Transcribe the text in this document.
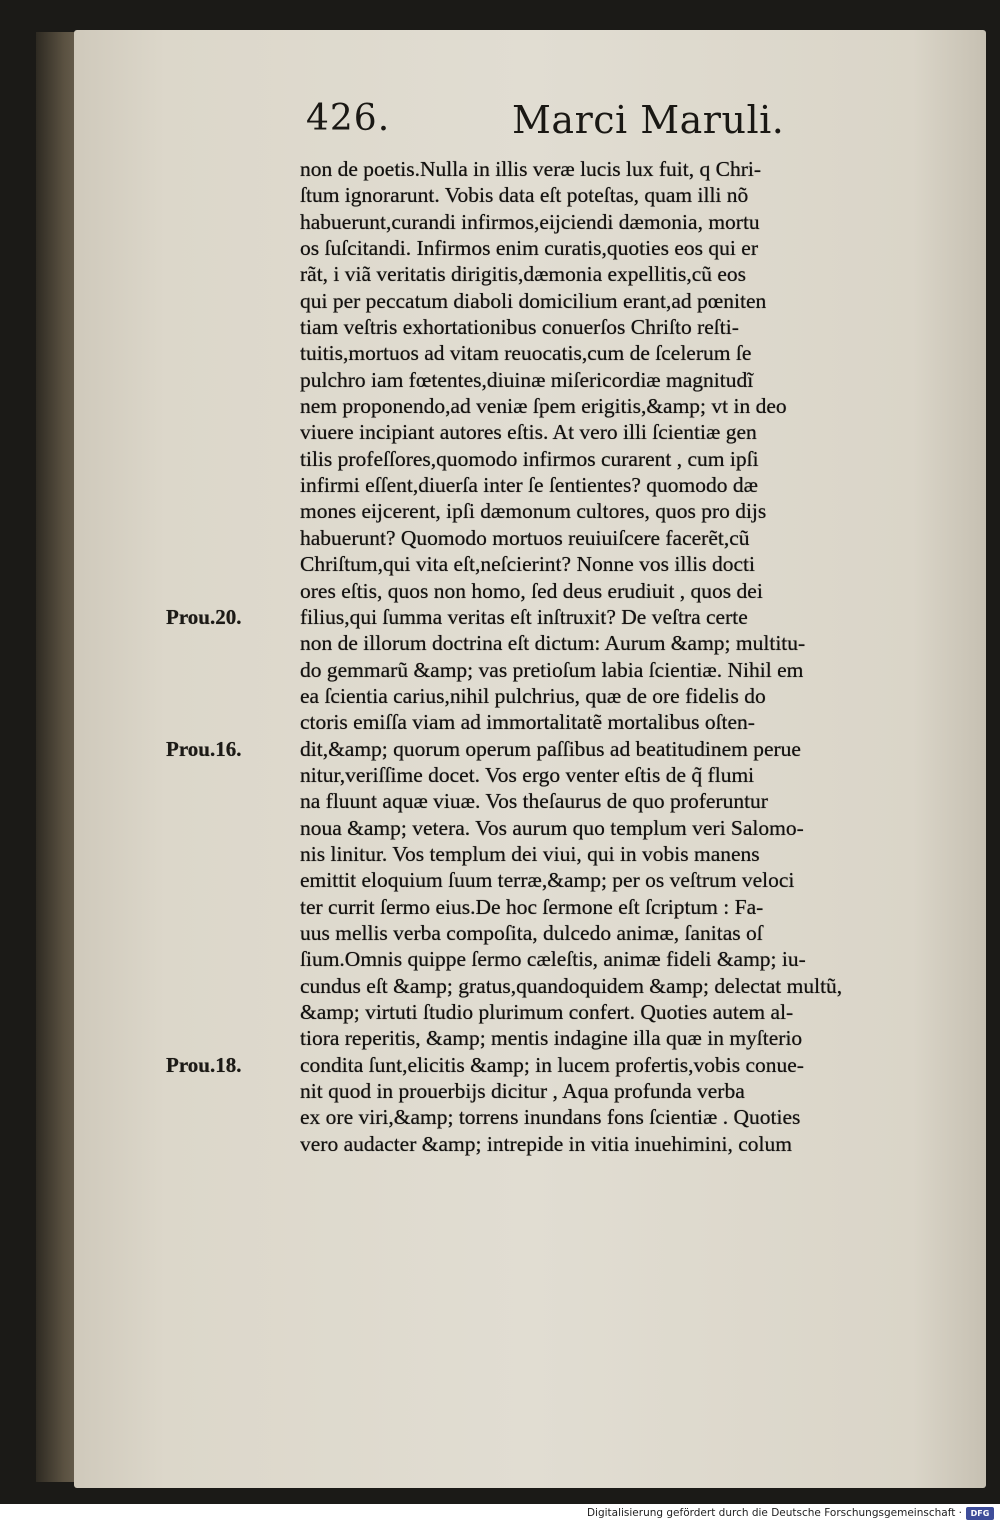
426.	Marci Maruli.
non de poetis.Nulla in illis veræ lucis lux fuit, q Chri-
ſtum ignorarunt. Vobis data eſt poteſtas, quam illi nõ
habuerunt,curandi infirmos,eĳciendi dæmonia, mortu
os ſuſcitandi. Infirmos enim curatis,quoties eos qui er
rãt, i viã veritatis dirigitis,dæmonia expellitis,cũ eos
qui per peccatum diaboli domicilium erant,ad pœniten
tiam veſtris exhortationibus conuerſos Chriſto reſti-
tuitis,mortuos ad vitam reuocatis,cum de ſcelerum ſe
pulchro iam fœtentes,diuinæ miſericordiæ magnitudĩ
nem proponendo,ad veniæ ſpem erigitis,&amp; vt in deo
viuere incipiant autores eſtis. At vero illi ſcientiæ gen
tilis profeſſores,quomodo infirmos curarent , cum ipſi
infirmi eſſent,diuerſa inter ſe ſentientes? quomodo dæ
mones eĳcerent, ipſi dæmonum cultores, quos pro dĳs
habuerunt? Quomodo mortuos reuiuiſcere facerẽt,cũ
Chriſtum,qui vita eſt,neſcierint? Nonne vos illis docti
ores eſtis, quos non homo, ſed deus erudiuit , quos dei
filius,qui ſumma veritas eſt inſtruxit? De veſtra certe
non de illorum doctrina eſt dictum: Aurum &amp; multitu-
do gemmarũ &amp; vas pretioſum labia ſcientiæ. Nihil em
ea ſcientia carius,nihil pulchrius, quæ de ore fidelis do
ctoris emiſſa viam ad immortalitatẽ mortalibus oſten-
dit,&amp; quorum operum paſſibus ad beatitudinem perue
nitur,veriſſime docet. Vos ergo venter eſtis de q̃ flumi
na fluunt aquæ viuæ. Vos theſaurus de quo proferuntur
noua &amp; vetera. Vos aurum quo templum veri Salomo-
nis linitur. Vos templum dei viui, qui in vobis manens
emittit eloquium ſuum terræ,&amp; per os veſtrum veloci
ter currit ſermo eius.De hoc ſermone eſt ſcriptum : Fa-
uus mellis verba compoſita, dulcedo animæ, ſanitas oſ
ſium.Omnis quippe ſermo cæleſtis, animæ fideli &amp; iu-
cundus eſt &amp; gratus,quandoquidem &amp; delectat multũ,
&amp; virtuti ſtudio plurimum confert. Quoties autem al-
tiora reperitis, &amp; mentis indagine illa quæ in myſterio
condita ſunt,elicitis &amp; in lucem profertis,vobis conue-
nit quod in prouerbĳs dicitur , Aqua profunda verba
ex ore viri,&amp; torrens inundans fons ſcientiæ . Quoties
vero audacter &amp; intrepide in vitia inuehimini, colum
Prou.20.
Prou.16.
Prou.18.
Digitalisierung gefördert durch die Deutsche Forschungsgemeinschaft ·	DFG
